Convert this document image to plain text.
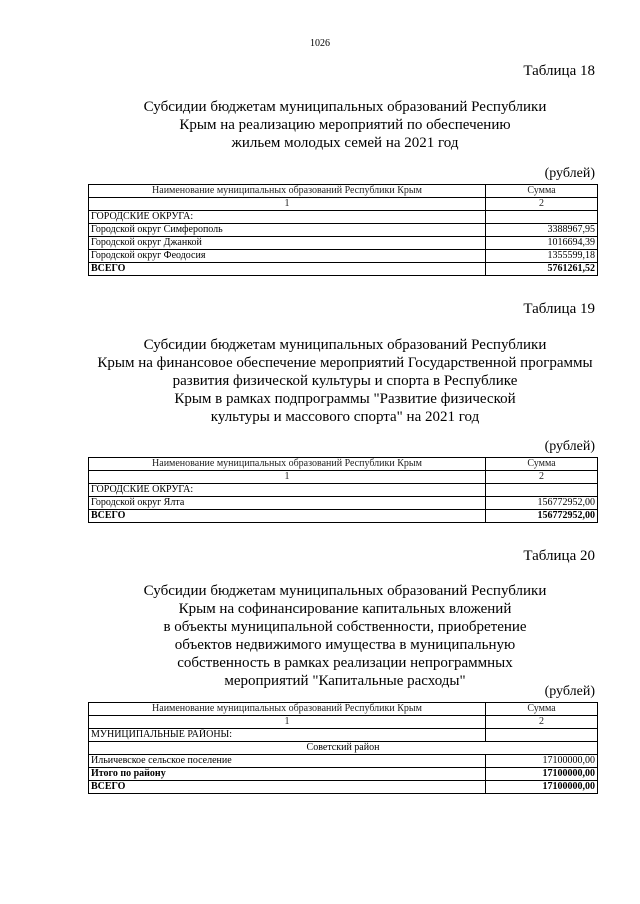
1026
Таблица 18
Субсидии бюджетам муниципальных образований Республики
Крым на реализацию мероприятий по обеспечению
жильем молодых семей на 2021 год
(рублей)
Наименование муниципальных образований Республики Крым	Сумма
1	2
ГОРОДСКИЕ ОКРУГА:	
Городской округ Симферополь	3388967,95
Городской округ Джанкой	1016694,39
Городской округ Феодосия	1355599,18
ВСЕГО	5761261,52
Таблица 19
Субсидии бюджетам муниципальных образований Республики
Крым на финансовое обеспечение мероприятий Государственной программы
развития физической культуры и спорта в Республике
Крым в рамках подпрограммы "Развитие физической
культуры и массового спорта" на 2021 год
(рублей)
Наименование муниципальных образований Республики Крым	Сумма
1	2
ГОРОДСКИЕ ОКРУГА:	
Городской округ Ялта	156772952,00
ВСЕГО	156772952,00
Таблица 20
Субсидии бюджетам муниципальных образований Республики
Крым на софинансирование капитальных вложений
в объекты муниципальной собственности, приобретение
объектов недвижимого имущества в муниципальную
собственность в рамках реализации непрограммных
мероприятий "Капитальные расходы"
(рублей)
Наименование муниципальных образований Республики Крым	Сумма
1	2
МУНИЦИПАЛЬНЫЕ РАЙОНЫ:	
Советский район	
Ильичевское сельское поселение	17100000,00
Итого по району	17100000,00
ВСЕГО	17100000,00
